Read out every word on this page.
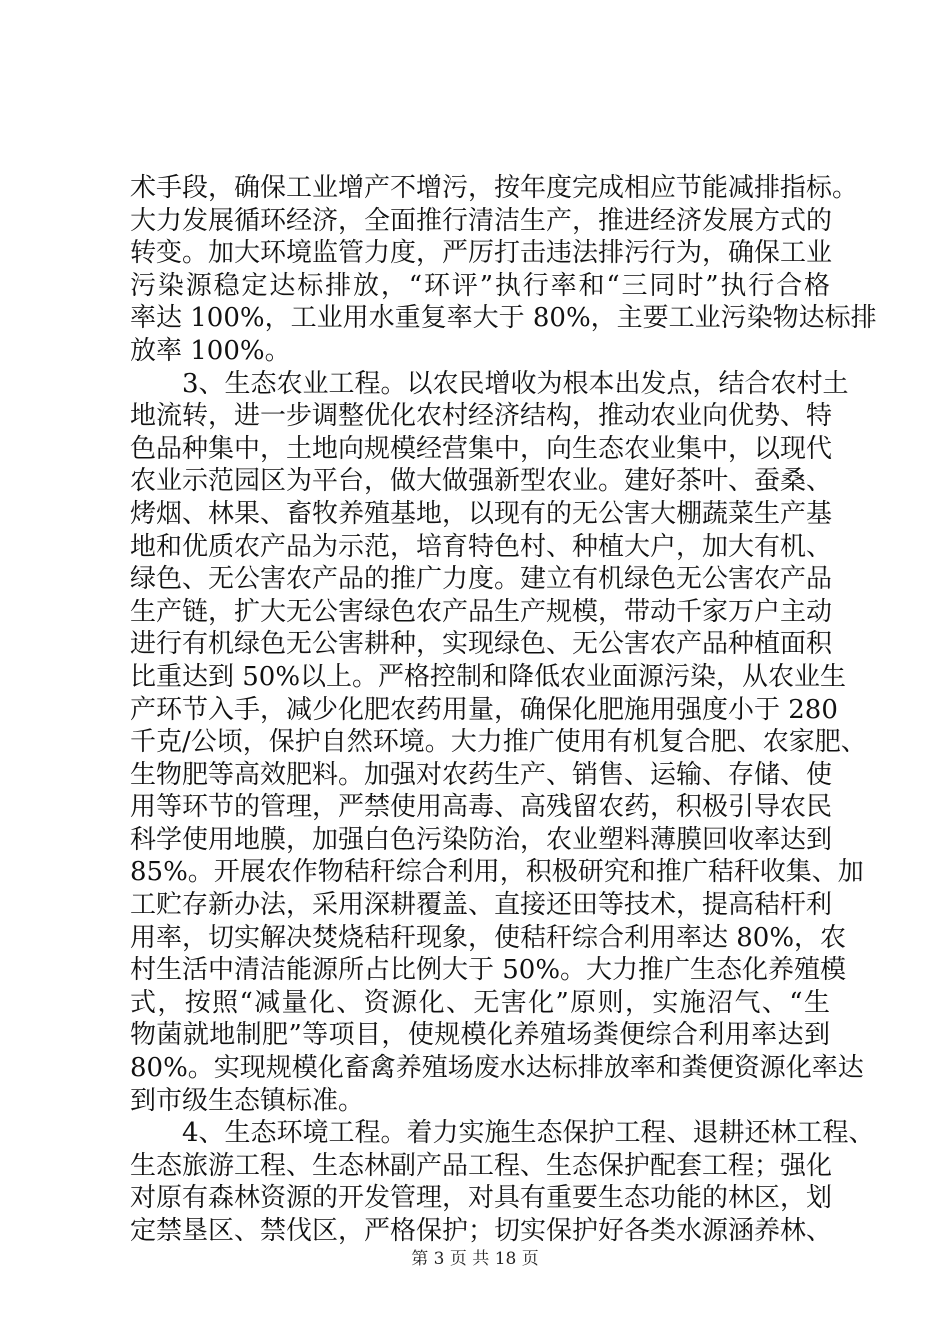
术手段，确保工业增产不增污，按年度完成相应节能减排指标。
大力发展循环经济，全面推行清洁生产，推进经济发展方式的
转变。加大环境监管力度，严厉打击违法排污行为，确保工业
污染源稳定达标排放，“环评”执行率和“三同时”执行合格
率达 100%，工业用水重复率大于 80%，主要工业污染物达标排
放率 100%。
3、生态农业工程。以农民增收为根本出发点，结合农村土
地流转，进一步调整优化农村经济结构，推动农业向优势、特
色品种集中，土地向规模经营集中，向生态农业集中，以现代
农业示范园区为平台，做大做强新型农业。建好茶叶、蚕桑、
烤烟、林果、畜牧养殖基地，以现有的无公害大棚蔬菜生产基
地和优质农产品为示范，培育特色村、种植大户，加大有机、
绿色、无公害农产品的推广力度。建立有机绿色无公害农产品
生产链，扩大无公害绿色农产品生产规模，带动千家万户主动
进行有机绿色无公害耕种，实现绿色、无公害农产品种植面积
比重达到 50%以上。严格控制和降低农业面源污染，从农业生
产环节入手，减少化肥农药用量，确保化肥施用强度小于 280
千克/公顷，保护自然环境。大力推广使用有机复合肥、农家肥、
生物肥等高效肥料。加强对农药生产、销售、运输、存储、使
用等环节的管理，严禁使用高毒、高残留农药，积极引导农民
科学使用地膜，加强白色污染防治，农业塑料薄膜回收率达到
85%。开展农作物秸秆综合利用，积极研究和推广秸秆收集、加
工贮存新办法，采用深耕覆盖、直接还田等技术，提高秸杆利
用率，切实解决焚烧秸秆现象，使秸秆综合利用率达 80%，农
村生活中清洁能源所占比例大于 50%。大力推广生态化养殖模
式，按照“减量化、资源化、无害化”原则，实施沼气、“生
物菌就地制肥”等项目，使规模化养殖场粪便综合利用率达到
80%。实现规模化畜禽养殖场废水达标排放率和粪便资源化率达
到市级生态镇标准。
4、生态环境工程。着力实施生态保护工程、退耕还林工程、
生态旅游工程、生态林副产品工程、生态保护配套工程；强化
对原有森林资源的开发管理，对具有重要生态功能的林区，划
定禁垦区、禁伐区，严格保护；切实保护好各类水源涵养林、
第 3 页 共 18 页
